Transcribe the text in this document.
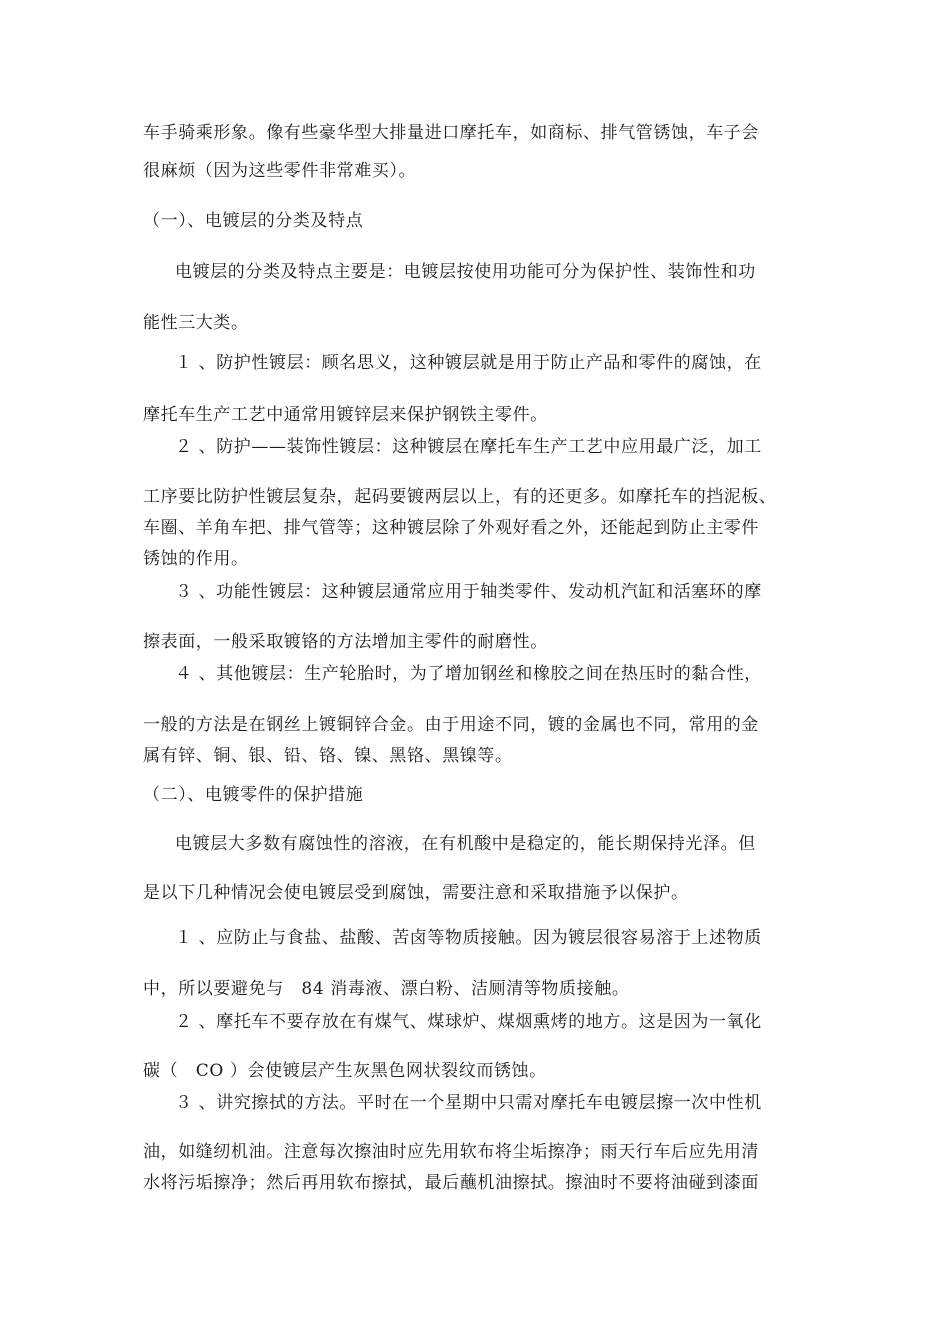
车手骑乘形象。像有些豪华型大排量进口摩托车，如商标、排气管锈蚀，车子会
很麻烦（因为这些零件非常难买）。
（一）、电镀层的分类及特点
电镀层的分类及特点主要是：电镀层按使用功能可分为保护性、装饰性和功
能性三大类。
１ 、防护性镀层：顾名思义，这种镀层就是用于防止产品和零件的腐蚀，在
摩托车生产工艺中通常用镀锌层来保护钢铁主零件。
２ 、防护——装饰性镀层：这种镀层在摩托车生产工艺中应用最广泛，加工
工序要比防护性镀层复杂，起码要镀两层以上，有的还更多。如摩托车的挡泥板、
车圈、羊角车把、排气管等；这种镀层除了外观好看之外，还能起到防止主零件
锈蚀的作用。
３ 、功能性镀层：这种镀层通常应用于轴类零件、发动机汽缸和活塞环的摩
擦表面，一般采取镀铬的方法增加主零件的耐磨性。
４ 、其他镀层：生产轮胎时，为了增加钢丝和橡胶之间在热压时的黏合性，
一般的方法是在钢丝上镀铜锌合金。由于用途不同，镀的金属也不同，常用的金
属有锌、铜、银、铅、铬、镍、黑铬、黑镍等。
（二）、电镀零件的保护措施
电镀层大多数有腐蚀性的溶液，在有机酸中是稳定的，能长期保持光泽。但
是以下几种情况会使电镀层受到腐蚀，需要注意和采取措施予以保护。
１ 、应防止与食盐、盐酸、苦卤等物质接触。因为镀层很容易溶于上述物质
中，所以要避免与　84 消毒液、漂白粉、洁厕清等物质接触。
２ 、摩托车不要存放在有煤气、煤球炉、煤烟熏烤的地方。这是因为一氧化
碳（　CO ）会使镀层产生灰黑色网状裂纹而锈蚀。
３ 、讲究擦拭的方法。平时在一个星期中只需对摩托车电镀层擦一次中性机
油，如缝纫机油。注意每次擦油时应先用软布将尘垢擦净；雨天行车后应先用清
水将污垢擦净；然后再用软布擦拭，最后蘸机油擦拭。擦油时不要将油碰到漆面
